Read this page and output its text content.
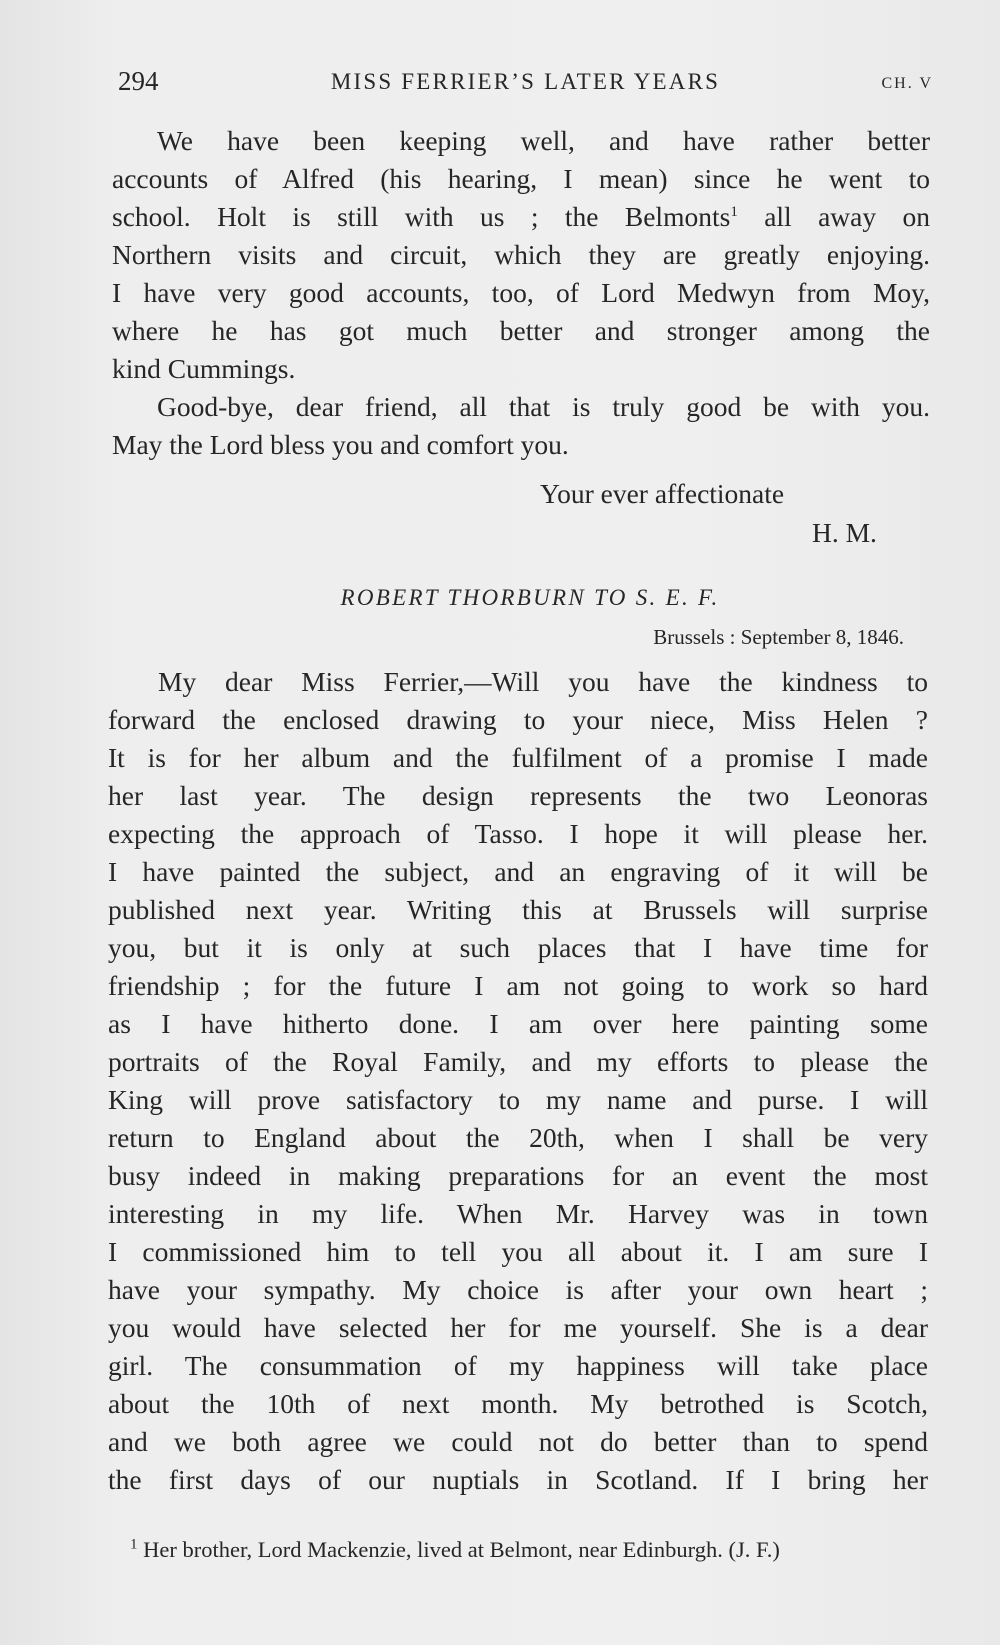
294	MISS FERRIER’S LATER YEARS	CH. V
We have been keeping well, and have rather better
accounts of Alfred (his hearing, I mean) since he went to
school. Holt is still with us ; the Belmonts$^1$ all away on
Northern visits and circuit, which they are greatly enjoying.
I have very good accounts, too, of Lord Medwyn from Moy,
where he has got much better and stronger among the
kind Cummings.
Good-bye, dear friend, all that is truly good be with you.
May the Lord bless you and comfort you.
Your ever affectionate
H. M.
ROBERT THORBURN TO S. E. F.
Brussels : September 8, 1846.
My dear Miss Ferrier,—Will you have the kindness to
forward the enclosed drawing to your niece, Miss Helen ?
It is for her album and the fulfilment of a promise I made
her last year. The design represents the two Leonoras
expecting the approach of Tasso. I hope it will please her.
I have painted the subject, and an engraving of it will be
published next year. Writing this at Brussels will surprise
you, but it is only at such places that I have time for
friendship ; for the future I am not going to work so hard
as I have hitherto done. I am over here painting some
portraits of the Royal Family, and my efforts to please the
King will prove satisfactory to my name and purse. I will
return to England about the 20th, when I shall be very
busy indeed in making preparations for an event the most
interesting in my life. When Mr. Harvey was in town
I commissioned him to tell you all about it. I am sure I
have your sympathy. My choice is after your own heart ;
you would have selected her for me yourself. She is a dear
girl. The consummation of my happiness will take place
about the 10th of next month. My betrothed is Scotch,
and we both agree we could not do better than to spend
the first days of our nuptials in Scotland. If I bring her
$^1$ Her brother, Lord Mackenzie, lived at Belmont, near Edinburgh. (J. F.)
